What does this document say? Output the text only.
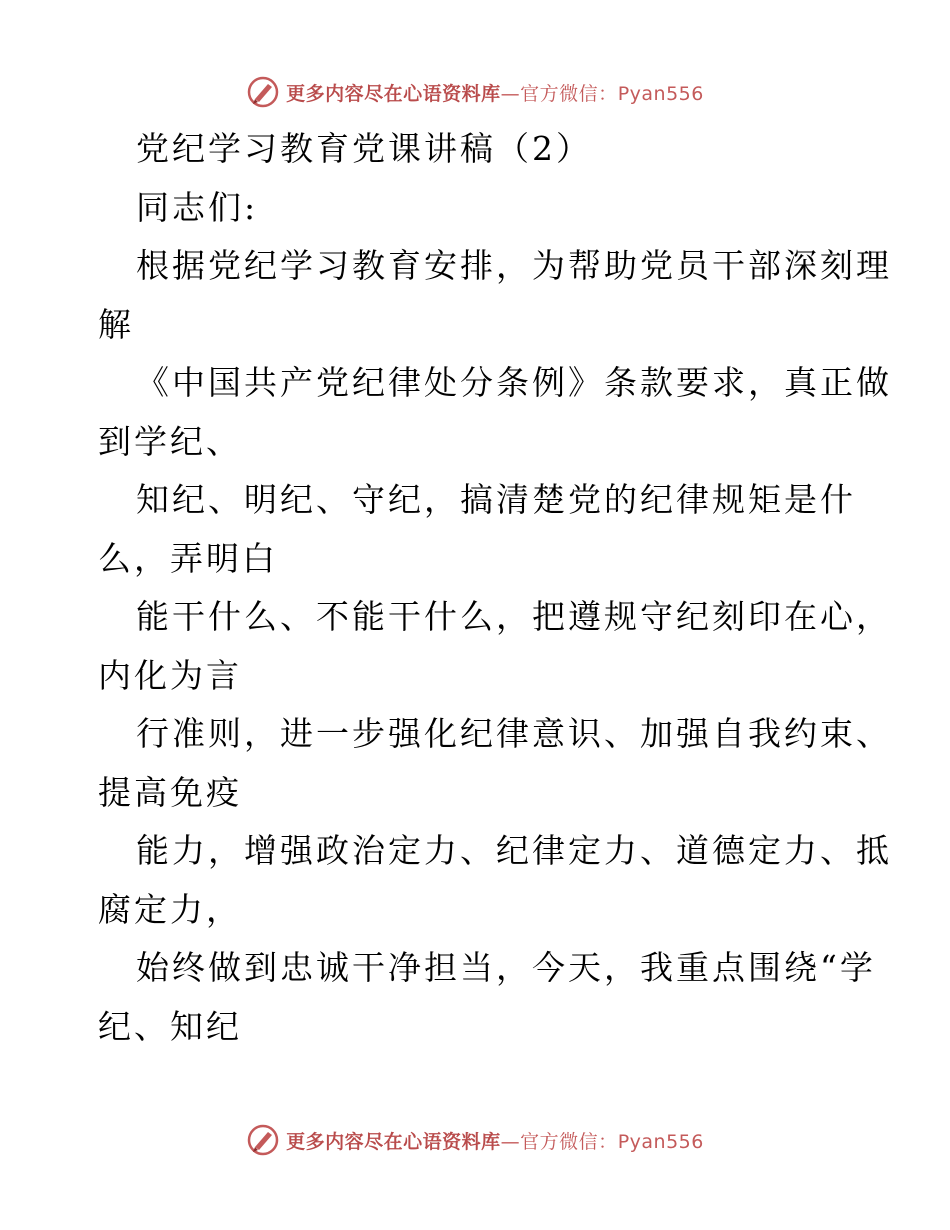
更多内容尽在心语资料库—官方微信：Pyan556
党纪学习教育党课讲稿（2）
同志们:
根据党纪学习教育安排，为帮助党员干部深刻理
解
《中国共产党纪律处分条例》条款要求，真正做
到学纪、
知纪、明纪、守纪，搞清楚党的纪律规矩是什
么，弄明白
能干什么、不能干什么，把遵规守纪刻印在心，
内化为言
行准则，进一步强化纪律意识、加强自我约束、
提高免疫
能力，增强政治定力、纪律定力、道德定力、抵
腐定力，
始终做到忠诚干净担当，今天，我重点围绕“学
纪、知纪
更多内容尽在心语资料库—官方微信：Pyan556
